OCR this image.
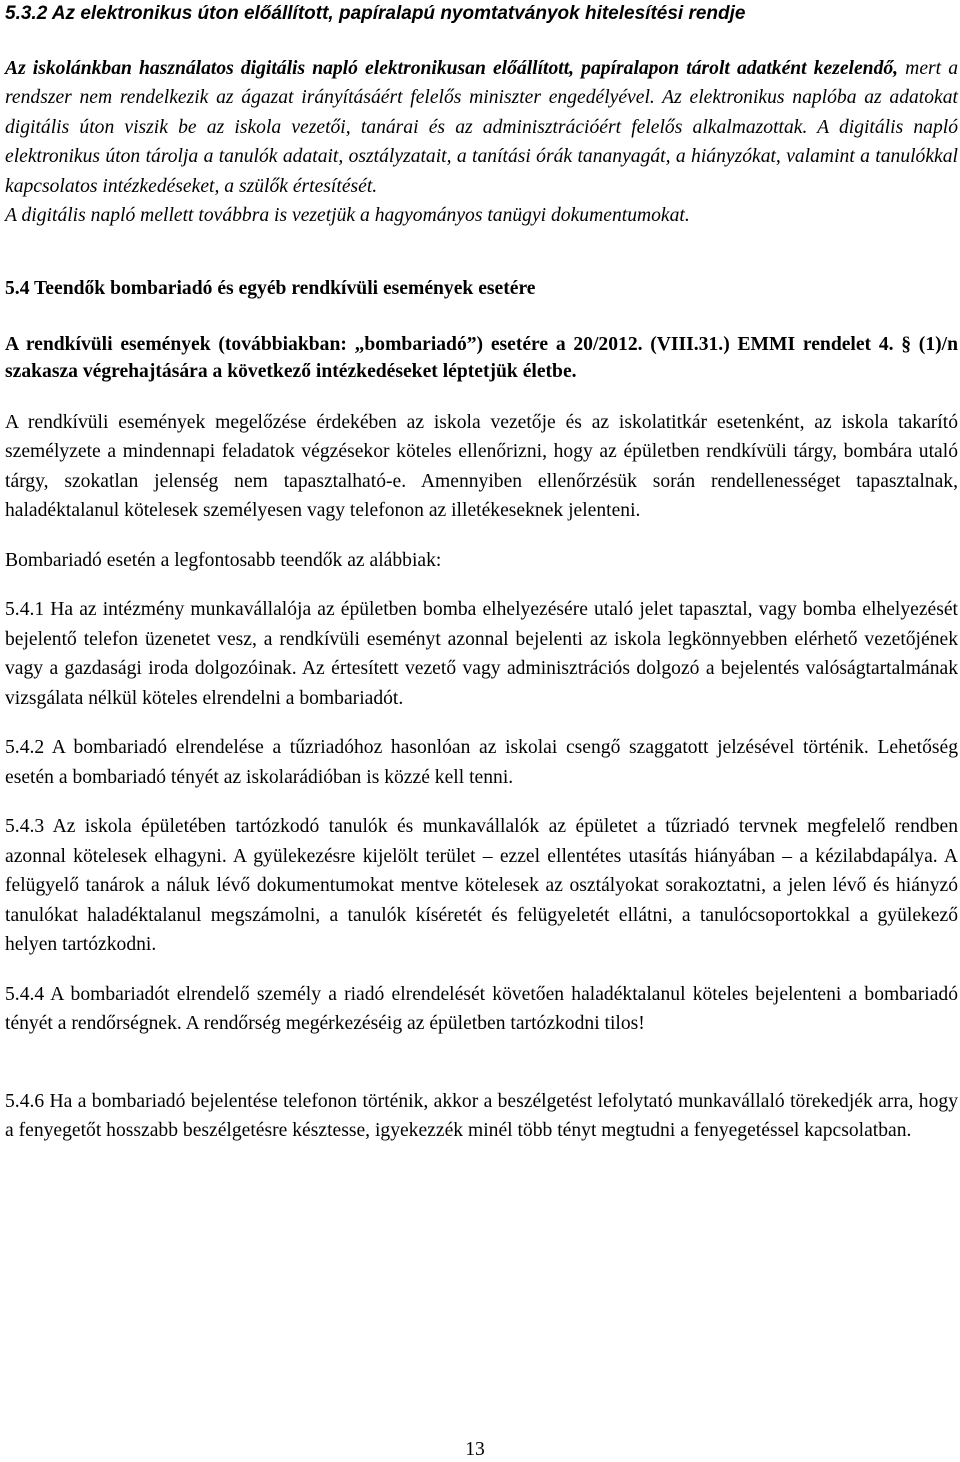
5.3.2 Az elektronikus úton előállított, papíralapú nyomtatványok hitelesítési rendje

Az iskolánkban használatos digitális napló elektronikusan előállított, papíralapon tárolt adatként kezelendő, mert a rendszer nem rendelkezik az ágazat irányításáért felelős miniszter engedélyével. Az elektronikus naplóba az adatokat digitális úton viszik be az iskola vezetői, tanárai és az adminisztrációért felelős alkalmazottak. A digitális napló elektronikus úton tárolja a tanulók adatait, osztályzatait, a tanítási órák tananyagát, a hiányzókat, valamint a tanulókkal kapcsolatos intézkedéseket, a szülők értesítését.

A digitális napló mellett továbbra is vezetjük a hagyományos tanügyi dokumentumokat.

5.4 Teendők bombariadó és egyéb rendkívüli események esetére

A rendkívüli események (továbbiakban: „bombariadó”) esetére a 20/2012. (VIII.31.) EMMI rendelet 4. § (1)/n szakasza végrehajtására a következő intézkedéseket léptetjük életbe.

A rendkívüli események megelőzése érdekében az iskola vezetője és az iskolatitkár esetenként, az iskola takarító személyzete a mindennapi feladatok végzésekor köteles ellenőrizni, hogy az épületben rendkívüli tárgy, bombára utaló tárgy, szokatlan jelenség nem tapasztalható-e. Amennyiben ellenőrzésük során rendellenességet tapasztalnak, haladéktalanul kötelesek személyesen vagy telefonon az illetékeseknek jelenteni.

Bombariadó esetén a legfontosabb teendők az alábbiak:

5.4.1 Ha az intézmény munkavállalója az épületben bomba elhelyezésére utaló jelet tapasztal, vagy bomba elhelyezését bejelentő telefon üzenetet vesz, a rendkívüli eseményt azonnal bejelenti az iskola legkönnyebben elérhető vezetőjének vagy a gazdasági iroda dolgozóinak. Az értesített vezető vagy adminisztrációs dolgozó a bejelentés valóságtartalmának vizsgálata nélkül köteles elrendelni a bombariadót.

5.4.2 A bombariadó elrendelése a tűzriadóhoz hasonlóan az iskolai csengő szaggatott jelzésével történik. Lehetőség esetén a bombariadó tényét az iskolarádióban is közzé kell tenni.

5.4.3 Az iskola épületében tartózkodó tanulók és munkavállalók az épületet a tűzriadó tervnek megfelelő rendben azonnal kötelesek elhagyni. A gyülekezésre kijelölt terület – ezzel ellentétes utasítás hiányában – a kézilabdapálya. A felügyelő tanárok a náluk lévő dokumentumokat mentve kötelesek az osztályokat sorakoztatni, a jelen lévő és hiányzó tanulókat haladéktalanul megszámolni, a tanulók kíséretét és felügyeletét ellátni, a tanulócsoportokkal a gyülekező helyen tartózkodni.

5.4.4 A bombariadót elrendelő személy a riadó elrendelését követően haladéktalanul köteles bejelenteni a bombariadó tényét a rendőrségnek. A rendőrség megérkezéséig az épületben tartózkodni tilos!

5.4.6 Ha a bombariadó bejelentése telefonon történik, akkor a beszélgetést lefolytató munkavállaló törekedjék arra, hogy a fenyegetőt hosszabb beszélgetésre késztesse, igyekezzék minél több tényt megtudni a fenyegetéssel kapcsolatban.

13
